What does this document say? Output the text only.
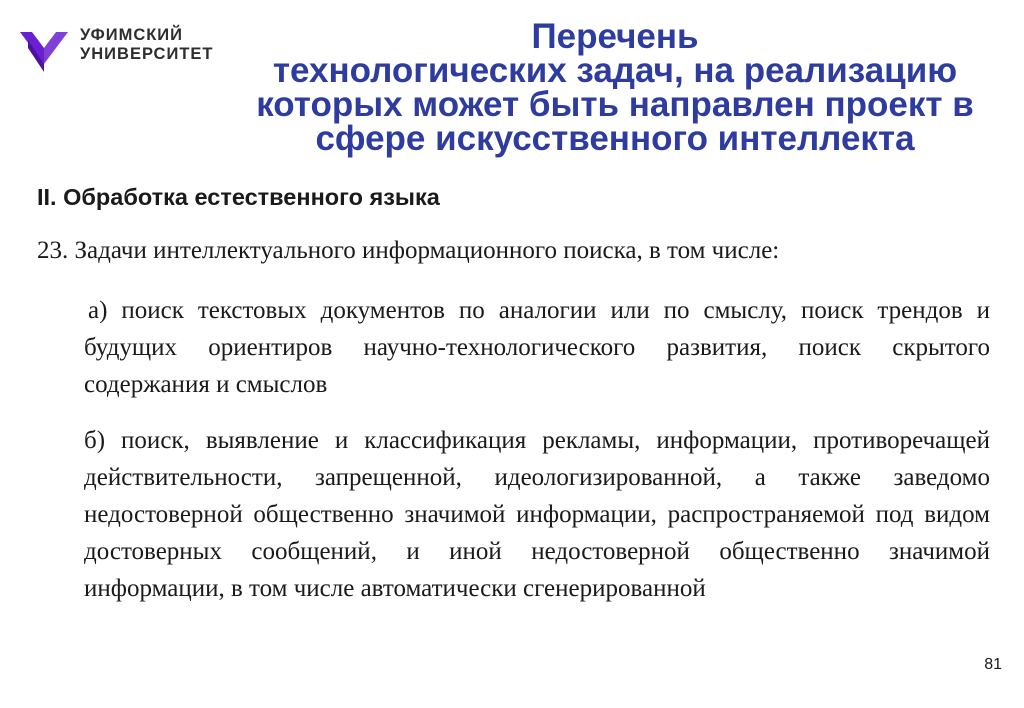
УФИМСКИЙ
УНИВЕРСИТЕТ	Перечень
технологических задач, на реализацию
которых может быть направлен проект в
сфере искусственного интеллекта
II. Обработка естественного языка
23. Задачи интеллектуального информационного поиска, в том числе:
а) поиск текстовых документов по аналогии или по смыслу, поиск трендов и будущих ориентиров научно-технологического развития, поиск скрытого содержания и смыслов
б) поиск, выявление и классификация рекламы, информации, противоречащей действительности, запрещенной, идеологизированной, а также заведомо недостоверной общественно значимой информации, распространяемой под видом достоверных сообщений, и иной недостоверной общественно значимой информации, в том числе автоматически сгенерированной
81
